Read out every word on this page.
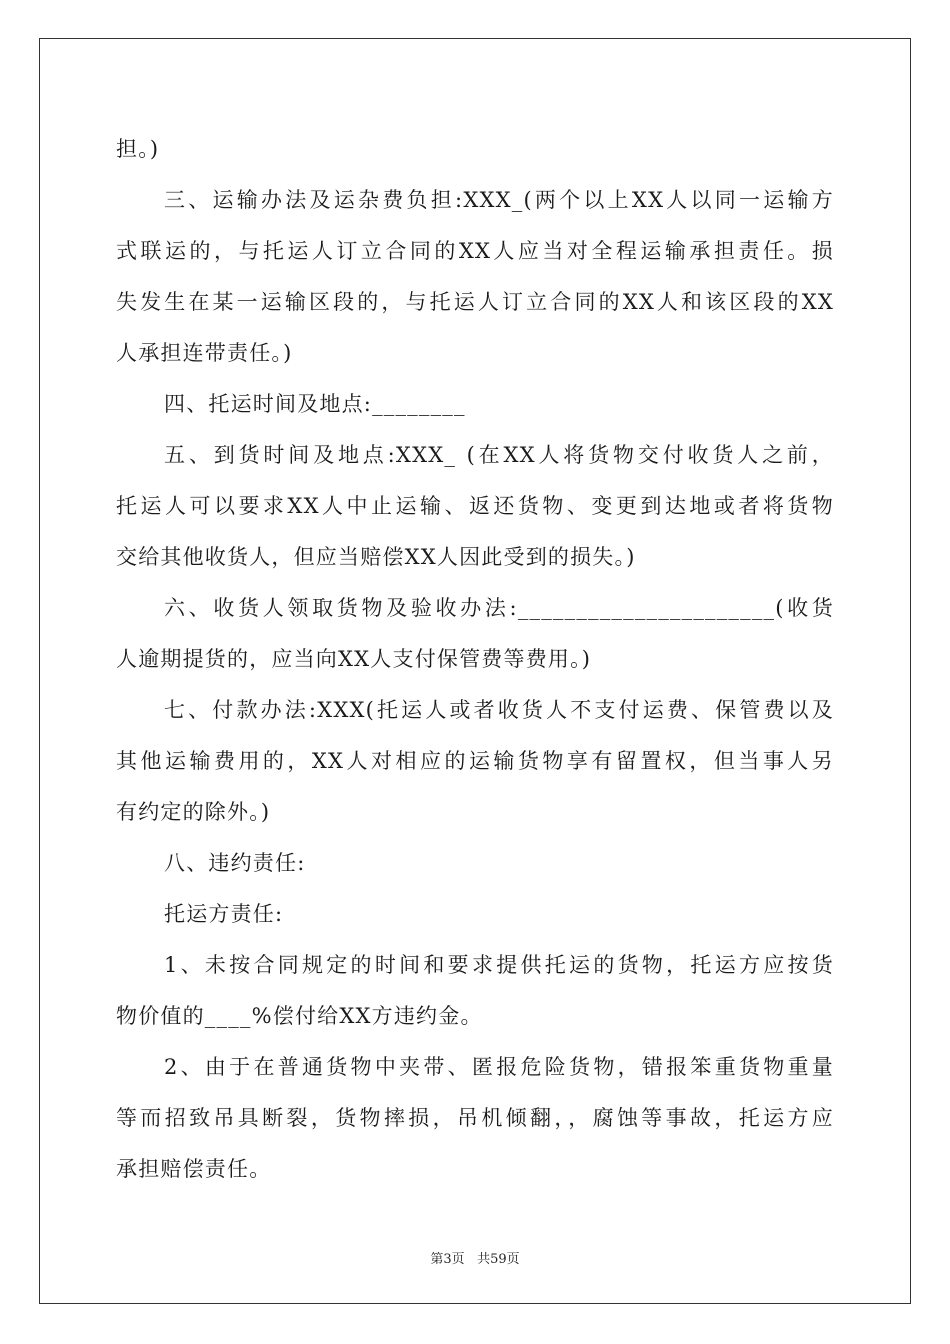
担。)
三、运输办法及运杂费负担:XXX_(两个以上XX人以同一运输方
式联运的，与托运人订立合同的XX人应当对全程运输承担责任。损
失发生在某一运输区段的，与托运人订立合同的XX人和该区段的XX
人承担连带责任。)
四、托运时间及地点:________
五、到货时间及地点:XXX_ (在XX人将货物交付收货人之前，
托运人可以要求XX人中止运输、返还货物、变更到达地或者将货物
交给其他收货人，但应当赔偿XX人因此受到的损失。)
六、收货人领取货物及验收办法:______________________(收货
人逾期提货的，应当向XX人支付保管费等费用。)
七、付款办法:XXX(托运人或者收货人不支付运费、保管费以及
其他运输费用的，XX人对相应的运输货物享有留置权，但当事人另
有约定的除外。)
八、违约责任:
托运方责任:
1、未按合同规定的时间和要求提供托运的货物，托运方应按货
物价值的____%偿付给XX方违约金。
2、由于在普通货物中夹带、匿报危险货物，错报笨重货物重量
等而招致吊具断裂，货物摔损，吊机倾翻，，腐蚀等事故，托运方应
承担赔偿责任。
第3页 共59页
